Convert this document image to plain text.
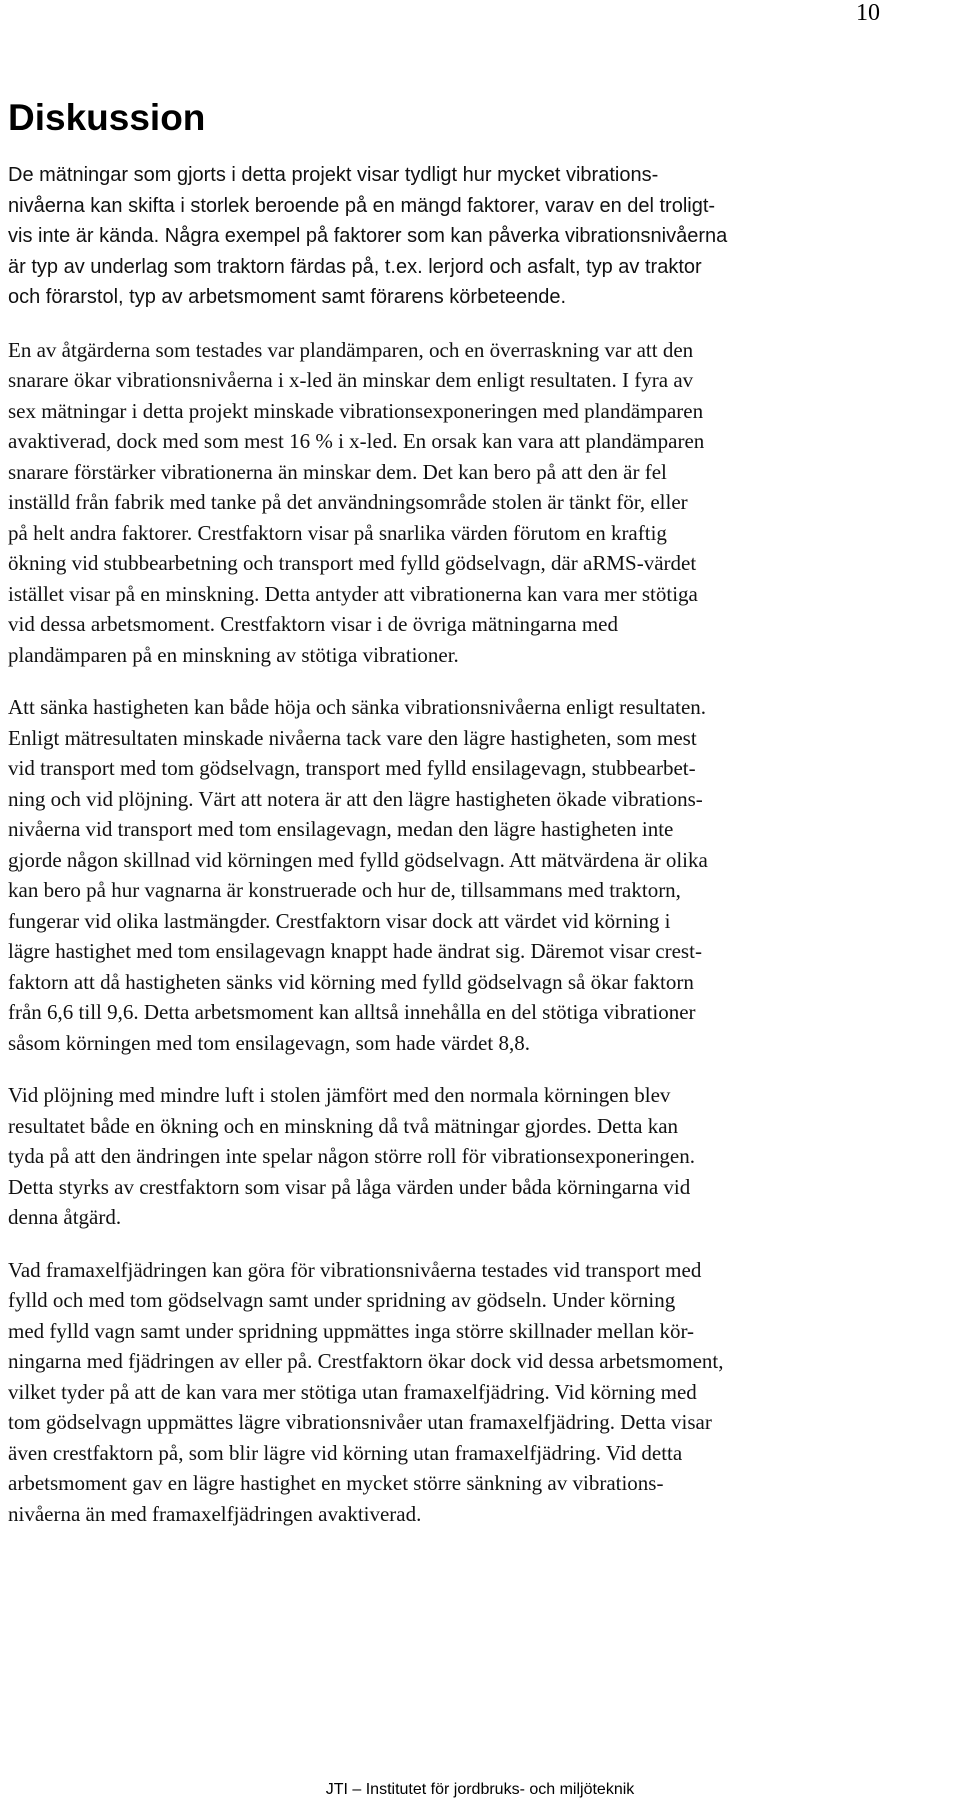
10
Diskussion
De mätningar som gjorts i detta projekt visar tydligt hur mycket vibrations-
nivåerna kan skifta i storlek beroende på en mängd faktorer, varav en del troligt-
vis inte är kända. Några exempel på faktorer som kan påverka vibrationsnivåerna
är typ av underlag som traktorn färdas på, t.ex. lerjord och asfalt, typ av traktor
och förarstol, typ av arbetsmoment samt förarens körbeteende.
En av åtgärderna som testades var plandämparen, och en överraskning var att den
snarare ökar vibrationsnivåerna i x-led än minskar dem enligt resultaten. I fyra av
sex mätningar i detta projekt minskade vibrationsexponeringen med plandämparen
avaktiverad, dock med som mest 16 % i x-led. En orsak kan vara att plandämparen
snarare förstärker vibrationerna än minskar dem. Det kan bero på att den är fel
inställd från fabrik med tanke på det användningsområde stolen är tänkt för, eller
på helt andra faktorer. Crestfaktorn visar på snarlika värden förutom en kraftig
ökning vid stubbearbetning och transport med fylld gödselvagn, där aRMS-värdet
istället visar på en minskning. Detta antyder att vibrationerna kan vara mer stötiga
vid dessa arbetsmoment. Crestfaktorn visar i de övriga mätningarna med
plandämparen på en minskning av stötiga vibrationer.
Att sänka hastigheten kan både höja och sänka vibrationsnivåerna enligt resultaten.
Enligt mätresultaten minskade nivåerna tack vare den lägre hastigheten, som mest
vid transport med tom gödselvagn, transport med fylld ensilagevagn, stubbearbet-
ning och vid plöjning. Värt att notera är att den lägre hastigheten ökade vibrations-
nivåerna vid transport med tom ensilagevagn, medan den lägre hastigheten inte
gjorde någon skillnad vid körningen med fylld gödselvagn. Att mätvärdena är olika
kan bero på hur vagnarna är konstruerade och hur de, tillsammans med traktorn,
fungerar vid olika lastmängder. Crestfaktorn visar dock att värdet vid körning i
lägre hastighet med tom ensilagevagn knappt hade ändrat sig. Däremot visar crest-
faktorn att då hastigheten sänks vid körning med fylld gödselvagn så ökar faktorn
från 6,6 till 9,6. Detta arbetsmoment kan alltså innehålla en del stötiga vibrationer
såsom körningen med tom ensilagevagn, som hade värdet 8,8.
Vid plöjning med mindre luft i stolen jämfört med den normala körningen blev
resultatet både en ökning och en minskning då två mätningar gjordes. Detta kan
tyda på att den ändringen inte spelar någon större roll för vibrationsexponeringen.
Detta styrks av crestfaktorn som visar på låga värden under båda körningarna vid
denna åtgärd.
Vad framaxelfjädringen kan göra för vibrationsnivåerna testades vid transport med
fylld och med tom gödselvagn samt under spridning av gödseln. Under körning
med fylld vagn samt under spridning uppmättes inga större skillnader mellan kör-
ningarna med fjädringen av eller på. Crestfaktorn ökar dock vid dessa arbetsmoment,
vilket tyder på att de kan vara mer stötiga utan framaxelfjädring. Vid körning med
tom gödselvagn uppmättes lägre vibrationsnivåer utan framaxelfjädring. Detta visar
även crestfaktorn på, som blir lägre vid körning utan framaxelfjädring. Vid detta
arbetsmoment gav en lägre hastighet en mycket större sänkning av vibrations-
nivåerna än med framaxelfjädringen avaktiverad.
JTI – Institutet för jordbruks- och miljöteknik
